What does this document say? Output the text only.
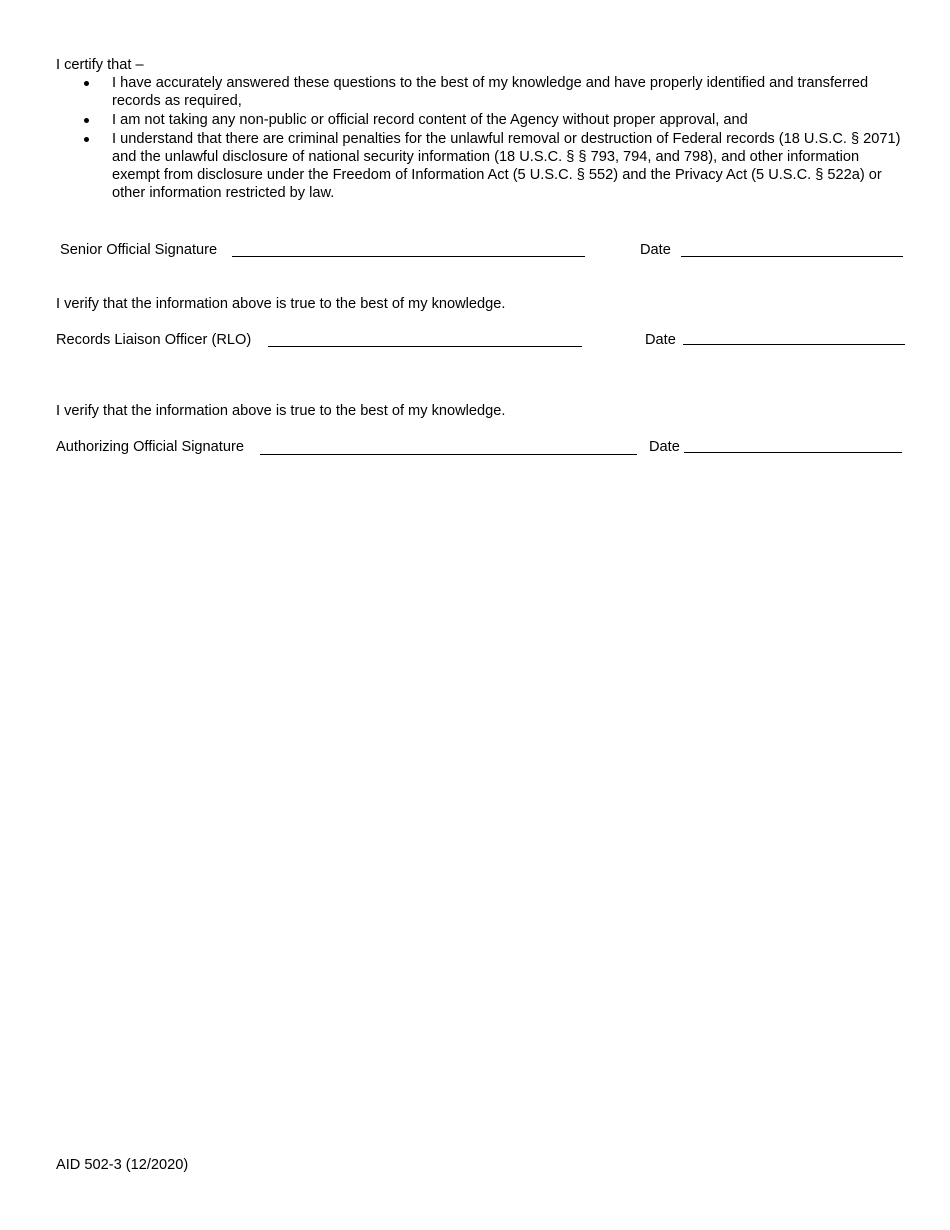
I certify that –
I have accurately answered these questions to the best of my knowledge and have properly identified and transferred records as required,
I am not taking any non-public or official record content of the Agency without proper approval, and
I understand that there are criminal penalties for the unlawful removal or destruction of Federal records (18 U.S.C. § 2071) and the unlawful disclosure of national security information (18 U.S.C. § § 793, 794, and 798), and other information exempt from disclosure under the Freedom of Information Act (5 U.S.C. § 552) and the Privacy Act (5 U.S.C. § 522a) or other information restricted by law.
Senior Official Signature	Date
I verify that the information above is true to the best of my knowledge.
Records Liaison Officer (RLO)	Date
I verify that the information above is true to the best of my knowledge.
Authorizing Official Signature	Date
AID 502-3 (12/2020)
